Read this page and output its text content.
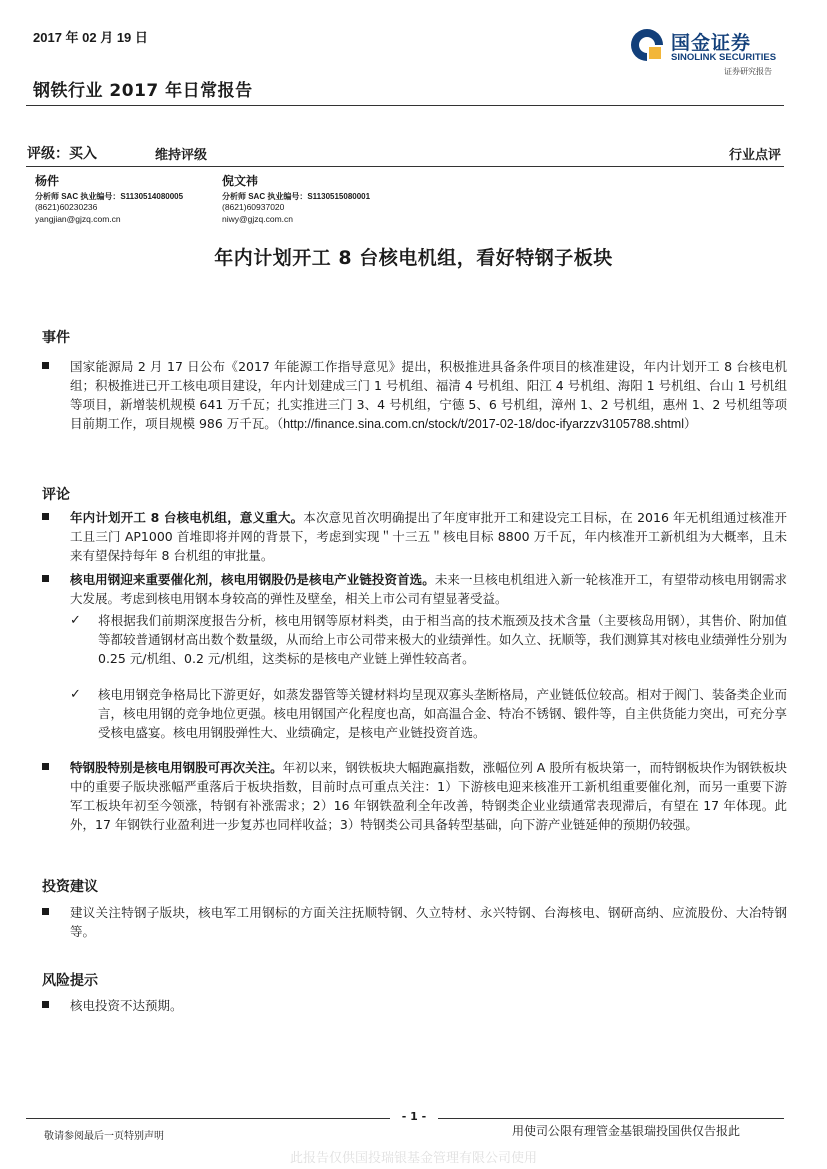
2017 年 02 月 19 日
钢铁行业 2017 年日常报告
国金证券
SINOLINK SECURITIES
证券研究报告
评级：买入	维持评级	行业点评
杨件
分析师 SAC 执业编号：S1130514080005
(8621)60230236
yangjian@gjzq.com.cn
倪文祎
分析师 SAC 执业编号：S1130515080001
(8621)60937020
niwy@gjzq.com.cn
年内计划开工 8 台核电机组，看好特钢子板块
事件
国家能源局 2 月 17 日公布《2017 年能源工作指导意见》提出，积极推进具备条件项目的核准建设，年内计划开工 8 台核电机组；积极推进已开工核电项目建设，年内计划建成三门 1 号机组、福清 4 号机组、阳江 4 号机组、海阳 1 号机组、台山 1 号机组等项目，新增装机规模 641 万千瓦；扎实推进三门 3、4 号机组，宁德 5、6 号机组，漳州 1、2 号机组，惠州 1、2 号机组等项目前期工作，项目规模 986 万千瓦。（http://finance.sina.com.cn/stock/t/2017-02-18/doc-ifyarzzv3105788.shtml）
评论
年内计划开工 8 台核电机组，意义重大。本次意见首次明确提出了年度审批开工和建设完工目标，在 2016 年无机组通过核准开工且三门 AP1000 首堆即将并网的背景下，考虑到实现＂十三五＂核电目标 8800 万千瓦，年内核准开工新机组为大概率，且未来有望保持每年 8 台机组的审批量。
核电用钢迎来重要催化剂，核电用钢股仍是核电产业链投资首选。未来一旦核电机组进入新一轮核准开工，有望带动核电用钢需求大发展。考虑到核电用钢本身较高的弹性及壁垒，相关上市公司有望显著受益。
✓ 将根据我们前期深度报告分析，核电用钢等原材料类，由于相当高的技术瓶颈及技术含量（主要核岛用钢），其售价、附加值等都较普通钢材高出数个数量级，从而给上市公司带来极大的业绩弹性。如久立、抚顺等，我们测算其对核电业绩弹性分别为 0.25 元/机组、0.2 元/机组，这类标的是核电产业链上弹性较高者。
✓ 核电用钢竞争格局比下游更好，如蒸发器管等关键材料均呈现双寡头垄断格局，产业链低位较高。相对于阀门、装备类企业而言，核电用钢的竞争地位更强。核电用钢国产化程度也高，如高温合金、特冶不锈钢、锻件等，自主供货能力突出，可充分享受核电盛宴。核电用钢股弹性大、业绩确定，是核电产业链投资首选。
特钢股特别是核电用钢股可再次关注。年初以来，钢铁板块大幅跑赢指数，涨幅位列 A 股所有板块第一，而特钢板块作为钢铁板块中的重要子版块涨幅严重落后于板块指数，目前时点可重点关注：1）下游核电迎来核准开工新机组重要催化剂，而另一重要下游军工板块年初至今领涨，特钢有补涨需求；2）16 年钢铁盈利全年改善，特钢类企业业绩通常表现滞后，有望在 17 年体现。此外，17 年钢铁行业盈利进一步复苏也同样收益；3）特钢类公司具备转型基础，向下游产业链延伸的预期仍较强。
投资建议
建议关注特钢子版块，核电军工用钢标的方面关注抚顺特钢、久立特材、永兴特钢、台海核电、钢研高纳、应流股份、大冶特钢等。
风险提示
核电投资不达预期。
- 1 -
敬请参阅最后一页特别声明	用使司公限有理管金基银瑞投国供仅告报此
此报告仅供国投瑞银基金管理有限公司使用
